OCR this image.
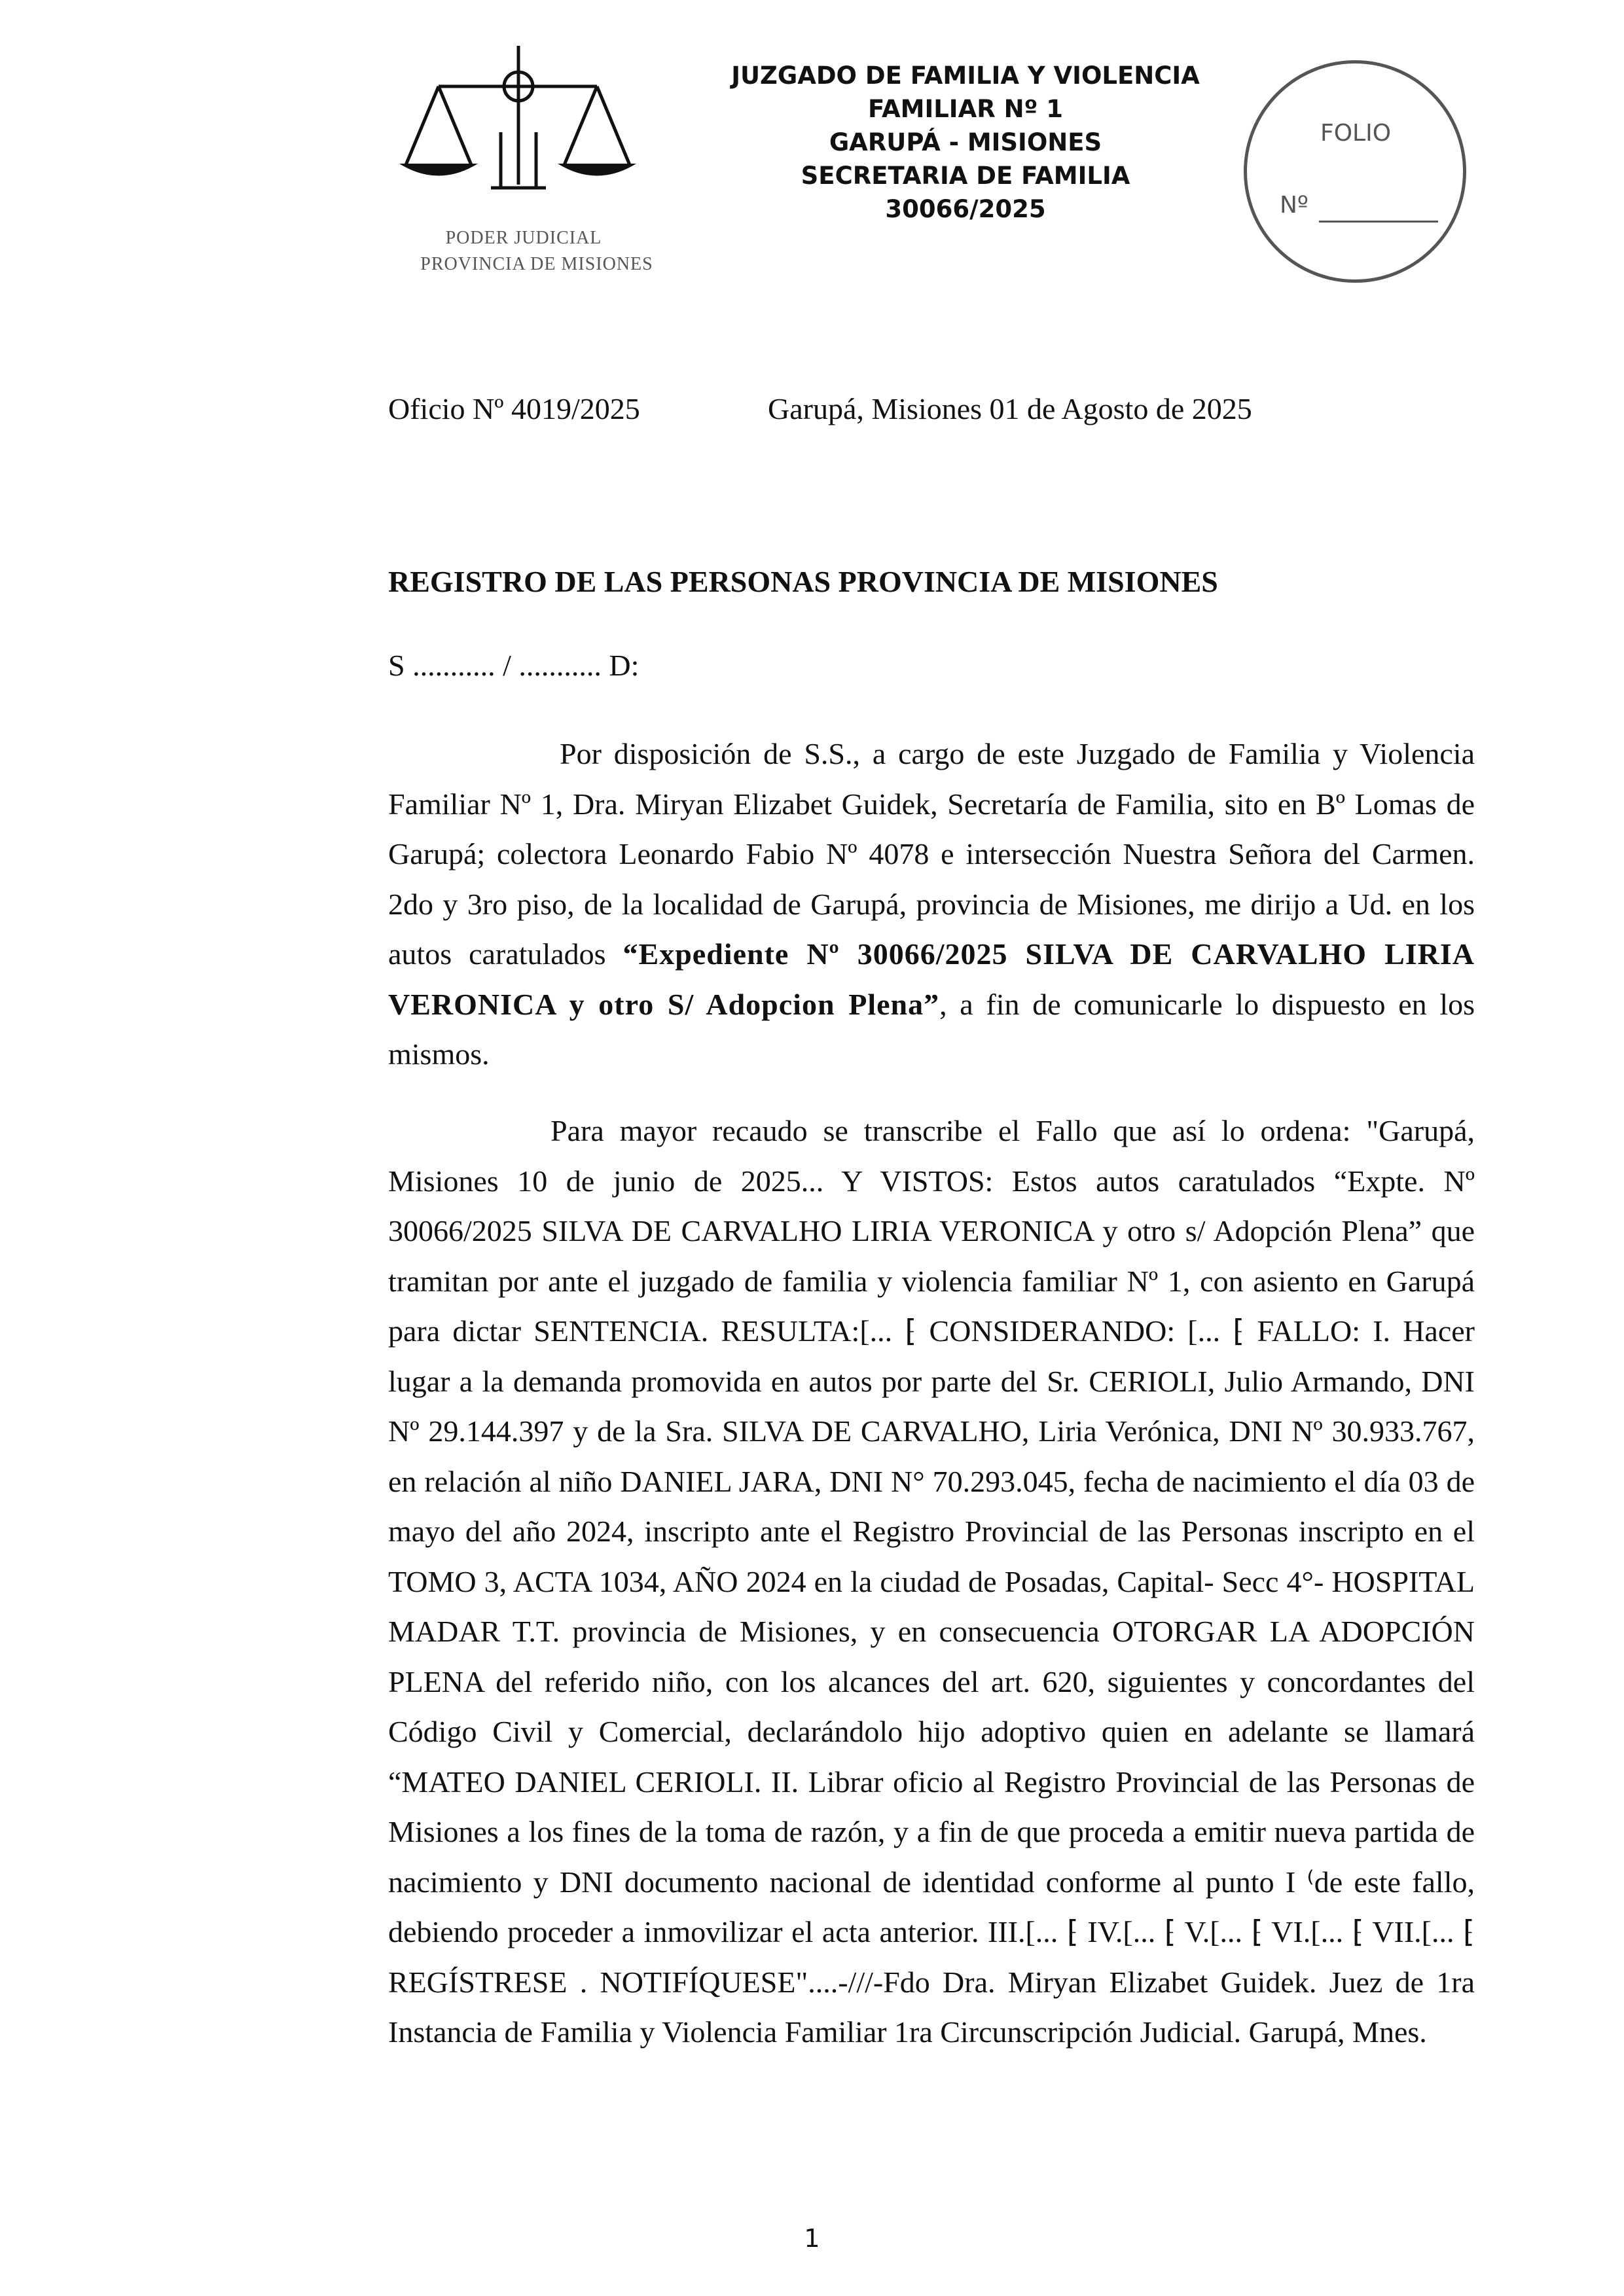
PODER JUDICIAL
PROVINCIA DE MISIONES
JUZGADO DE FAMILIA Y VIOLENCIA
FAMILIAR Nº 1
GARUPÁ - MISIONES
SECRETARIA DE FAMILIA
30066/2025
FOLIO
Nº
Oficio Nº 4019/2025	Garupá, Misiones 01 de Agosto de 2025
REGISTRO DE LAS PERSONAS PROVINCIA DE MISIONES
S ........... / ........... D:

Por disposición de S.S., a cargo de este Juzgado de Familia y Violencia Familiar Nº 1, Dra. Miryan Elizabet Guidek, Secretaría de Familia, sito en Bº Lomas de Garupá; colectora Leonardo Fabio Nº 4078 e intersección Nuestra Señora del Carmen. 2do y 3ro piso, de la localidad de Garupá, provincia de Misiones, me dirijo a Ud. en los autos caratulados “Expediente Nº 30066/2025 SILVA DE CARVALHO LIRIA VERONICA y otro S/ Adopcion Plena”, a fin de comunicarle lo dispuesto en los mismos.

Para mayor recaudo se transcribe el Fallo que así lo ordena: "Garupá, Misiones 10 de junio de 2025... Y VISTOS: Estos autos caratulados “Expte. Nº 30066/2025 SILVA DE CARVALHO LIRIA VERONICA y otro s/ Adopción Plena” que tramitan por ante el juzgado de familia y violencia familiar Nº 1, con asiento en Garupá para dictar SENTENCIA. RESULTA:[... ⁅ CONSIDERANDO: [... ⁅ FALLO: I. Hacer lugar a la demanda promovida en autos por parte del Sr. CERIOLI, Julio Armando, DNI Nº 29.144.397 y de la Sra. SILVA DE CARVALHO, Liria Verónica, DNI Nº 30.933.767, en relación al niño DANIEL JARA, DNI N° 70.293.045, fecha de nacimiento el día 03 de mayo del año 2024, inscripto ante el Registro Provincial de las Personas inscripto en el TOMO 3, ACTA 1034, AÑO 2024 en la ciudad de Posadas, Capital- Secc 4°- HOSPITAL MADAR T.T. provincia de Misiones, y en consecuencia OTORGAR LA ADOPCIÓN PLENA del referido niño, con los alcances del art. 620, siguientes y concordantes del Código Civil y Comercial, declarándolo hijo adoptivo quien en adelante se llamará “MATEO DANIEL CERIOLI. II. Librar oficio al Registro Provincial de las Personas de Misiones a los fines de la toma de razón, y a fin de que proceda a emitir nueva partida de nacimiento y DNI documento nacional de identidad conforme al punto I ⁽de este fallo, debiendo proceder a inmovilizar el acta anterior. III.[... ⁅ IV.[... ⁅ V.[... ⁅ VI.[... ⁅ VII.[... ⁅ REGÍSTRESE . NOTIFÍQUESE"....-///-Fdo Dra. Miryan Elizabet Guidek. Juez de 1ra Instancia de Familia y Violencia Familiar 1ra Circunscripción Judicial. Garupá, Mnes.

1
